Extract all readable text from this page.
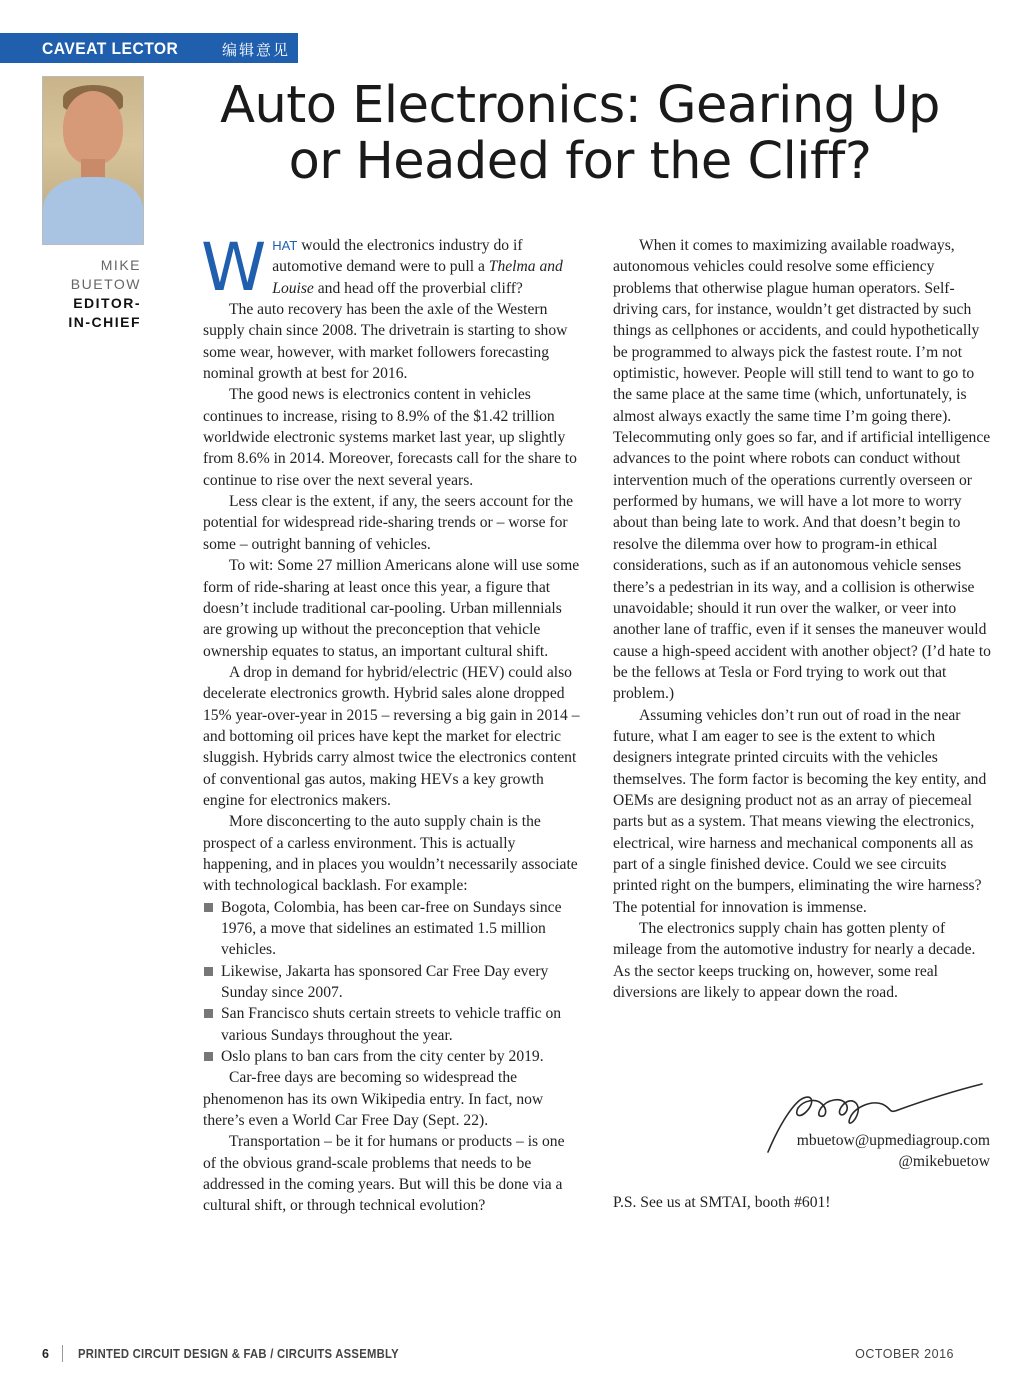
CAVEAT LECTOR	编辑意见
MIKE
BUETOW
EDITOR-
IN-CHIEF
Auto Electronics: Gearing Up
or Headed for the Cliff?

WHAT would the electronics industry do if automotive demand were to pull a Thelma and Louise and head off the proverbial cliff?

The auto recovery has been the axle of the Western supply chain since 2008. The drivetrain is starting to show some wear, however, with market followers forecasting nominal growth at best for 2016.

The good news is electronics content in vehicles continues to increase, rising to 8.9% of the $1.42 trillion worldwide electronic systems market last year, up slightly from 8.6% in 2014. Moreover, forecasts call for the share to continue to rise over the next several years.

Less clear is the extent, if any, the seers account for the potential for widespread ride-sharing trends or – worse for some – outright banning of vehicles.

To wit: Some 27 million Americans alone will use some form of ride-sharing at least once this year, a figure that doesn’t include traditional car-pooling. Urban millennials are growing up without the preconception that vehicle ownership equates to status, an important cultural shift.

A drop in demand for hybrid/electric (HEV) could also decelerate electronics growth. Hybrid sales alone dropped 15% year-over-year in 2015 – reversing a big gain in 2014 – and bottoming oil prices have kept the market for electric sluggish. Hybrids carry almost twice the electronics content of conventional gas autos, making HEVs a key growth engine for electronics makers.

More disconcerting to the auto supply chain is the prospect of a carless environment. This is actually happening, and in places you wouldn’t necessarily associate with technological backlash. For example:

Bogota, Colombia, has been car-free on Sundays since 1976, a move that sidelines an estimated 1.5 million vehicles.
Likewise, Jakarta has sponsored Car Free Day every Sunday since 2007.
San Francisco shuts certain streets to vehicle traffic on various Sundays throughout the year.
Oslo plans to ban cars from the city center by 2019.

Car-free days are becoming so widespread the phenomenon has its own Wikipedia entry. In fact, now there’s even a World Car Free Day (Sept. 22).

Transportation – be it for humans or products – is one of the obvious grand-scale problems that needs to be addressed in the coming years. But will this be done via a cultural shift, or through technical evolution?

When it comes to maximizing available roadways, autonomous vehicles could resolve some efficiency problems that otherwise plague human operators. Self-driving cars, for instance, wouldn’t get distracted by such things as cellphones or accidents, and could hypothetically be programmed to always pick the fastest route. I’m not optimistic, however. People will still tend to want to go to the same place at the same time (which, unfortunately, is almost always exactly the same time I’m going there). Telecommuting only goes so far, and if artificial intelligence advances to the point where robots can conduct without intervention much of the operations currently overseen or performed by humans, we will have a lot more to worry about than being late to work. And that doesn’t begin to resolve the dilemma over how to program-in ethical considerations, such as if an autonomous vehicle senses there’s a pedestrian in its way, and a collision is otherwise unavoidable; should it run over the walker, or veer into another lane of traffic, even if it senses the maneuver would cause a high-speed accident with another object? (I’d hate to be the fellows at Tesla or Ford trying to work out that problem.)

Assuming vehicles don’t run out of road in the near future, what I am eager to see is the extent to which designers integrate printed circuits with the vehicles themselves. The form factor is becoming the key entity, and OEMs are designing product not as an array of piecemeal parts but as a system. That means viewing the electronics, electrical, wire harness and mechanical components all as part of a single finished device. Could we see circuits printed right on the bumpers, eliminating the wire harness? The potential for innovation is immense.

The electronics supply chain has gotten plenty of mileage from the automotive industry for nearly a decade. As the sector keeps trucking on, however, some real diversions are likely to appear down the road.

mbuetow@upmediagroup.com
@mikebuetow
P.S. See us at SMTAI, booth #601!
6 PRINTED CIRCUIT DESIGN & FAB / CIRCUITS ASSEMBLY	OCTOBER 2016
